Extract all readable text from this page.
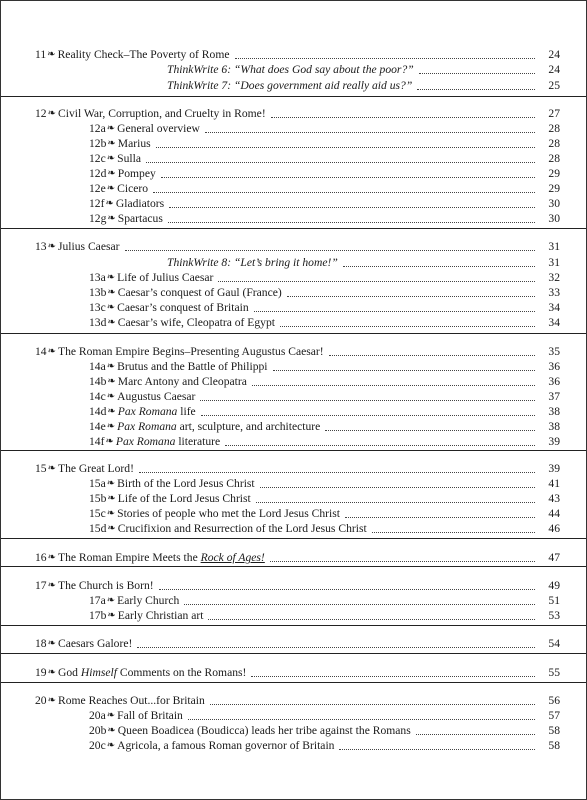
11 ❧ Reality Check–The Poverty of Rome	24
ThinkWrite 6: “What does God say about the poor?”	24
ThinkWrite 7: “Does government aid really aid us?”	25
12 ❧ Civil War, Corruption, and Cruelty in Rome!	27
12a ❧ General overview	28
12b ❧ Marius	28
12c ❧ Sulla	28
12d ❧ Pompey	29
12e ❧ Cicero	29
12f ❧ Gladiators	30
12g ❧ Spartacus	30
13 ❧ Julius Caesar	31
ThinkWrite 8: “Let’s bring it home!”	31
13a ❧ Life of Julius Caesar	32
13b ❧ Caesar’s conquest of Gaul (France)	33
13c ❧ Caesar’s conquest of Britain	34
13d ❧ Caesar’s wife, Cleopatra of Egypt	34
14 ❧ The Roman Empire Begins–Presenting Augustus Caesar!	35
14a ❧ Brutus and the Battle of Philippi	36
14b ❧ Marc Antony and Cleopatra	36
14c ❧ Augustus Caesar	37
14d ❧ Pax Romana life	38
14e ❧ Pax Romana art, sculpture, and architecture	38
14f ❧ Pax Romana literature	39
15 ❧ The Great Lord!	39
15a ❧ Birth of the Lord Jesus Christ	41
15b ❧ Life of the Lord Jesus Christ	43
15c ❧ Stories of people who met the Lord Jesus Christ	44
15d ❧ Crucifixion and Resurrection of the Lord Jesus Christ	46
16 ❧ The Roman Empire Meets the Rock of Ages!	47
17 ❧ The Church is Born!	49
17a ❧ Early Church	51
17b ❧ Early Christian art	53
18 ❧ Caesars Galore!	54
19 ❧ God Himself Comments on the Romans!	55
20 ❧ Rome Reaches Out...for Britain	56
20a ❧ Fall of Britain	57
20b ❧ Queen Boadicea (Boudicca) leads her tribe against the Romans	58
20c ❧ Agricola, a famous Roman governor of Britain	58
